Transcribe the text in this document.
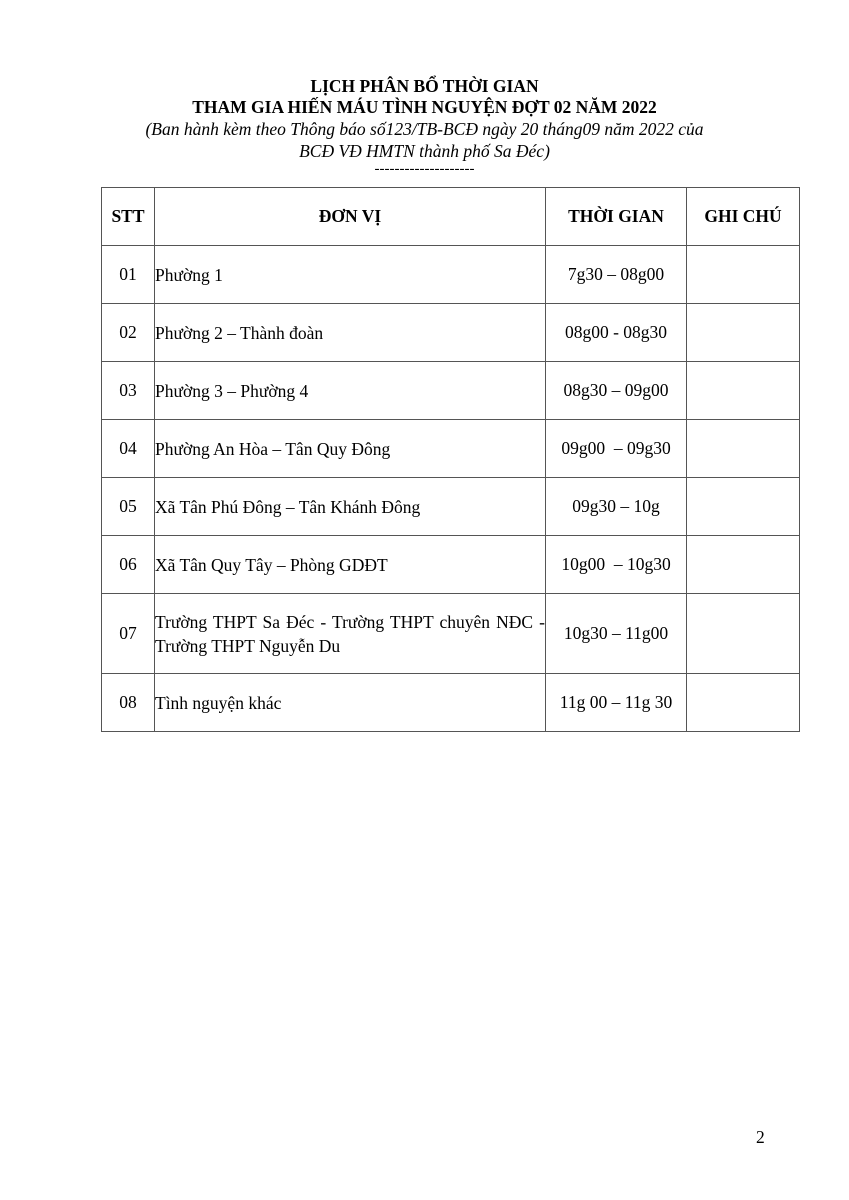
LỊCH PHÂN BỔ THỜI GIAN
THAM GIA HIẾN MÁU TÌNH NGUYỆN ĐỢT 02 NĂM 2022
(Ban hành kèm theo Thông báo số123/TB-BCĐ ngày 20 tháng09 năm 2022 của
BCĐ VĐ HMTN thành phố Sa Đéc)
--------------------
STT	ĐƠN VỊ	THỜI GIAN	GHI CHÚ
01	Phường 1	7g30 – 08g00	
02	Phường 2 – Thành đoàn	08g00 - 08g30	
03	Phường 3 – Phường 4	08g30 – 09g00	
04	Phường An Hòa – Tân Quy Đông	09g00  – 09g30	
05	Xã Tân Phú Đông – Tân Khánh Đông	09g30 – 10g	
06	Xã Tân Quy Tây – Phòng GDĐT	10g00  – 10g30	
07	Trường THPT Sa Đéc - Trường THPT chuyên NĐC - Trường THPT Nguyễn Du	10g30 – 11g00	
08	Tình nguyện khác	11g 00 – 11g 30	
2
